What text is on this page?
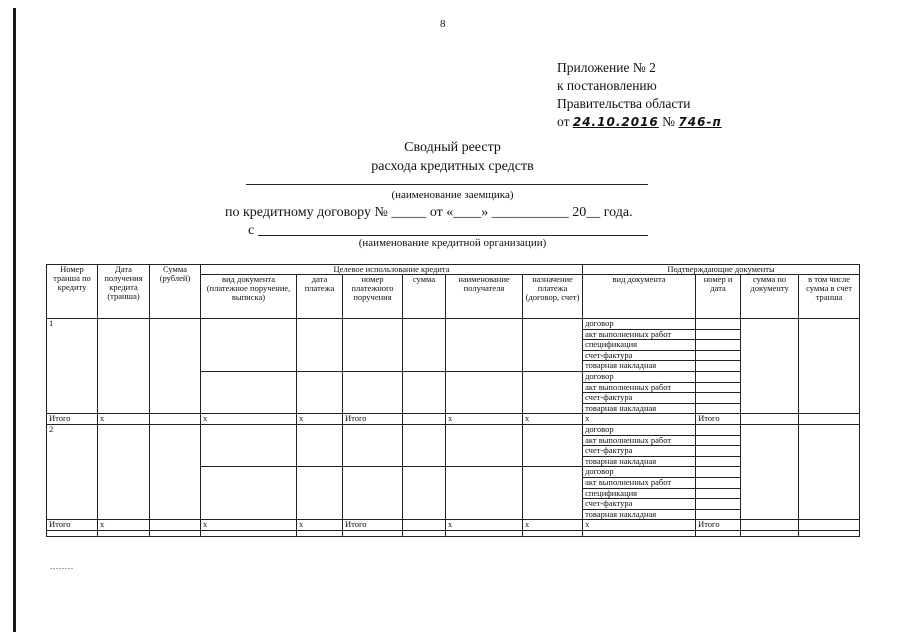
8
Приложение № 2
к постановлению
Правительства области
от 24.10.2016 № 746-п
Сводный реестр
расхода кредитных средств
(наименование заемщика)
по кредитному договору № _____ от «____» ___________ 20__ года.
с
(наименование кредитной организации)
Номер транша по кредиту	Дата получения кредита (транша)	Сумма (рублей)	Целевое использование кредита						Подтверждающие документы			
			вид документа (платежное поручение, выписка)	дата платежа	номер платежного поручения	сумма	наименование получателя	назначение платежа (договор, счет)	вид документа	номер и дата	сумма по документу	в том числе сумма в счет транша
1									договор			
									акт выполненных работ			
									спецификация			
									счет-фактура			
									товарная накладная			
									договор			
									акт выполненных работ			
									счет-фактура			
									товарная накладная			
Итого	x		x	x	Итого		x	x	x	Итого		
2									договор			
									акт выполненных работ			
									счет-фактура			
									товарная накладная			
									договор			
									акт выполненных работ			
									спецификация			
									счет-фактура			
									товарная накладная			
Итого	x		x	x	Итого		x	x	x	Итого		

........
